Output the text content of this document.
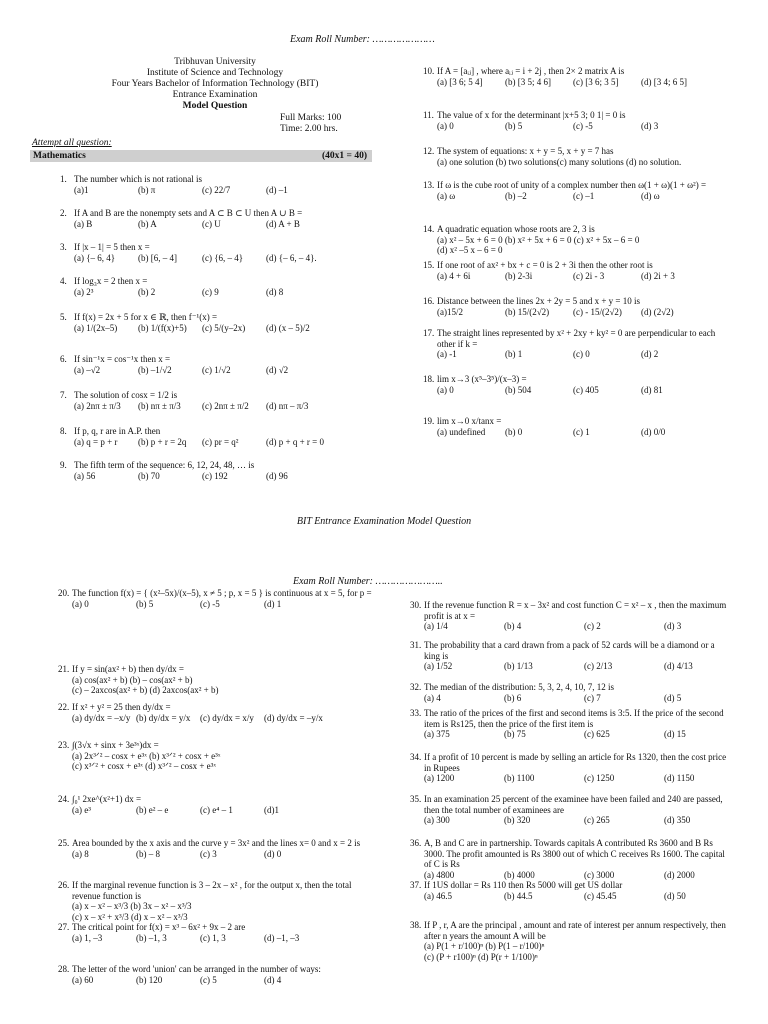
Exam Roll Number: …………………
Tribhuvan University
Institute of Science and Technology
Four Years Bachelor of Information Technology (BIT)
Entrance Examination
Model Question
Full Marks: 100
Time: 2.00 hrs.
Attempt all question:
Mathematics	(40x1 = 40)
1. The number which is not rational is
(a)1	(b) π	(c) 22/7	(d) –1
2. If A and B are the nonempty sets and A ⊂ B ⊂ U then A ∪ B =
(a) B	(b) A	(c) U	(d) A + B
3. If |x – 1| = 5 then x =
(a) {– 6, 4}	(b) [6, – 4]	(c) {6, – 4}	(d) {– 6, – 4}.
4. If log₃x = 2 then x =
(a) 2³	(b) 2	(c) 9	(d) 8
5. If f(x) = 2x + 5 for x ∈ ℝ, then f⁻¹(x) =
(a) 1/(2x–5) (b) 1/(f(x)+5) (c) 5/(y–2x) (d) (x – 5)/2
6. If sin⁻¹x = cos⁻¹x then x =
(a) –√2	(b) –1/√2	(c) 1/√2	(d) √2
7. The solution of cosx = 1/2 is
(a) 2nπ ± π/3 (b) nπ ± π/3 (c) 2nπ ± π/2 (d) nπ – π/3
8. If p, q, r are in A.P. then
(a) q = p + r (b) p + r = 2q (c) pr = q²	(d) p + q + r = 0
9. The fifth term of the sequence: 6, 12, 24, 48, … is
(a) 56	(b) 70	(c) 192	(d) 96
10. If A = [aᵢⱼ] , where aᵢⱼ = i + 2j , then 2× 2 matrix A is
(a) [3 6; 5 4]	(b) [3 5; 4 6] (c) [3 6; 3 5]	(d) [3 4; 6 5]
11. The value of x for the determinant |x+5 3; 0 1| = 0 is
(a) 0	(b) 5	(c) -5	(d) 3
12. The system of equations: x + y = 5, x + y = 7 has
(a) one solution (b) two solutions(c) many solutions (d) no solution.
13. If ω is the cube root of unity of a complex number then ω(1 + ω)(1 + ω²) =
(a) ω	(b) –2	(c) –1	(d) ω
14. A quadratic equation whose roots are 2, 3 is
(a) x² – 5x + 6 = 0 (b) x² + 5x + 6 = 0 (c) x² + 5x – 6 = 0
(d) x² –5 x – 6 = 0
15. If one root of ax² + bx + c = 0 is 2 + 3i then the other root is
(a) 4 + 6i	(b) 2-3i	(c) 2i - 3	(d) 2i + 3
16. Distance between the lines 2x + 2y = 5 and x + y = 10 is
(a)15/2	(b) 15/(2√2)	(c) - 15/(2√2) (d) (2√2)
17. The straight lines represented by x² + 2xy + ky² = 0 are perpendicular to each other if k =
(a) -1	(b) 1	(c) 0	(d) 2
18. lim x→3 (x⁵–3⁵)/(x–3) =
(a) 0	(b) 504	(c) 405	(d) 81
19. lim x→0 x/tanx =
(a) undefined (b) 0	(c) 1	(d) 0/0
BIT Entrance Examination Model Question
Exam Roll Number: …………………..
20. The function f(x) = { (x²–5x)/(x–5), x ≠ 5 ; p, x = 5 } is continuous at x = 5, for p =
(a) 0	(b) 5	(c) -5	(d) 1
21. If y = sin(ax² + b) then dy/dx =
(a) cos(ax² + b) (b) – cos(ax² + b)
(c) – 2axcos(ax² + b) (d) 2axcos(ax² + b)
22. If x² + y² = 25 then dy/dx =
(a) dy/dx = –x/y (b) dy/dx = y/x (c) dy/dx = x/y (d) dy/dx = –y/x
23. ∫(3√x + sinx + 3e³ˣ)dx =
(a) 2x³ᐟ² – cosx + e³ˣ (b) x³ᐟ² + cosx + e³ˣ
(c) x³ᐟ² + cosx + e³ˣ (d) x³ᐟ² – cosx + e³ˣ
24. ∫₀¹ 2xe^(x²+1) dx =
(a) e³	(b) e² – e	(c) e⁴ – 1	(d)1
25. Area bounded by the x axis and the curve y = 3x² and the lines x= 0 and x = 2 is
(a) 8	(b) – 8	(c) 3	(d) 0
26. If the marginal revenue function is 3 – 2x – x² , for the output x, then the total revenue function is
(a) x – x² – x³/3 (b) 3x – x² – x³/3
(c) x – x² + x³/3 (d) x – x² – x³/3
27. The critical point for f(x) = x³ – 6x² + 9x – 2 are
(a) 1, –3	(b) –1, 3	(c) 1, 3	(d) –1, –3
28. The letter of the word 'union' can be arranged in the number of ways:
(a) 60	(b) 120	(c) 5	(d) 4
30. If the revenue function R = x – 3x² and cost function C = x² – x , then the maximum profit is at x =
(a) 1/4	(b) 4	(c) 2	(d) 3
31. The probability that a card drawn from a pack of 52 cards will be a diamond or a king is
(a) 1/52	(b) 1/13	(c) 2/13	(d) 4/13
32. The median of the distribution: 5, 3, 2, 4, 10, 7, 12 is
(a) 4	(b) 6	(c) 7	(d) 5
33. The ratio of the prices of the first and second items is 3:5. If the price of the second item is Rs125, then the price of the first item is
(a) 375	(b) 75	(c) 625	(d) 15
34. If a profit of 10 percent is made by selling an article for Rs 1320, then the cost price in Rupees
(a) 1200	(b) 1100	(c) 1250	(d) 1150
35. In an examination 25 percent of the examinee have been failed and 240 are passed, then the total number of examinees are
(a) 300	(b) 320	(c) 265	(d) 350
36. A, B and C are in partnership. Towards capitals A contributed Rs 3600 and B Rs 3000. The profit amounted is Rs 3800 out of which C receives Rs 1600. The capital of C is Rs
(a) 4800	(b) 4000	(c) 3000	(d) 2000
37. If 1US dollar = Rs 110 then Rs 5000 will get US dollar
(a) 46.5	(b) 44.5	(c) 45.45	(d) 50
38. If P , r, A are the principal , amount and rate of interest per annum respectively, then after n years the amount A will be
(a) P(1 + r/100)ⁿ (b) P(1 – r/100)ⁿ
(c) (P + r100)ⁿ (d) P(r + 1/100)ⁿ
